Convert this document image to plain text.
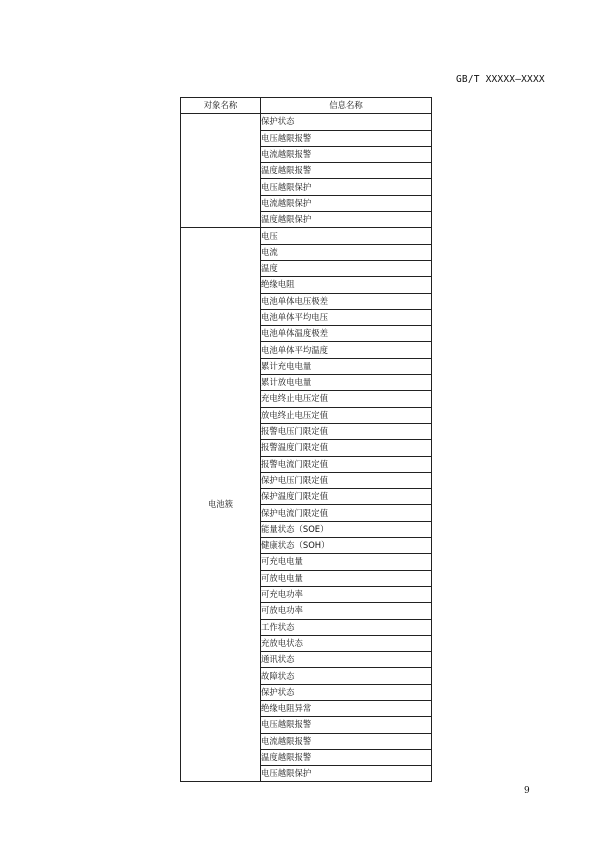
GB/T XXXXX—XXXX
对象名称	信息名称
	保护状态
	电压越限报警
	电流越限报警
	温度越限报警
	电压越限保护
	电流越限保护
	温度越限保护
电池簇	电压
	电流
	温度
	绝缘电阻
	电池单体电压极差
	电池单体平均电压
	电池单体温度极差
	电池单体平均温度
	累计充电电量
	累计放电电量
	充电终止电压定值
	放电终止电压定值
	报警电压门限定值
	报警温度门限定值
	报警电流门限定值
	保护电压门限定值
	保护温度门限定值
	保护电流门限定值
	能量状态（SOE）
	健康状态（SOH）
	可充电电量
	可放电电量
	可充电功率
	可放电功率
	工作状态
	充放电状态
	通讯状态
	故障状态
	保护状态
	绝缘电阻异常
	电压越限报警
	电流越限报警
	温度越限报警
	电压越限保护
9
